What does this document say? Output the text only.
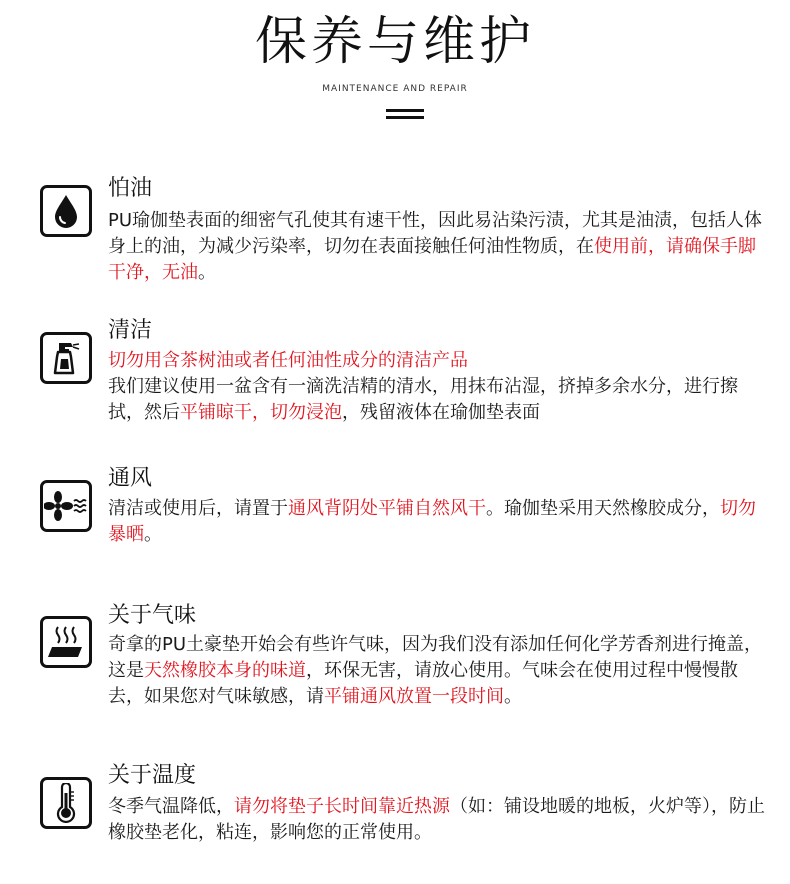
保养与维护
MAINTENANCE AND REPAIR
怕油
PU瑜伽垫表面的细密气孔使其有速干性，因此易沾染污渍，尤其是油渍，包括人体身上的油，为减少污染率，切勿在表面接触任何油性物质，在使用前，请确保手脚干净，无油。
清洁
切勿用含茶树油或者任何油性成分的清洁产品
我们建议使用一盆含有一滴洗洁精的清水，用抹布沾湿，挤掉多余水分，进行擦拭，然后平铺晾干，切勿浸泡，残留液体在瑜伽垫表面
通风
清洁或使用后，请置于通风背阴处平铺自然风干。瑜伽垫采用天然橡胶成分，切勿暴晒。
关于气味
奇拿的PU土豪垫开始会有些许气味，因为我们没有添加任何化学芳香剂进行掩盖，这是天然橡胶本身的味道，环保无害，请放心使用。气味会在使用过程中慢慢散去，如果您对气味敏感，请平铺通风放置一段时间。
关于温度
冬季气温降低，请勿将垫子长时间靠近热源（如：铺设地暖的地板，火炉等），防止橡胶垫老化，粘连，影响您的正常使用。
